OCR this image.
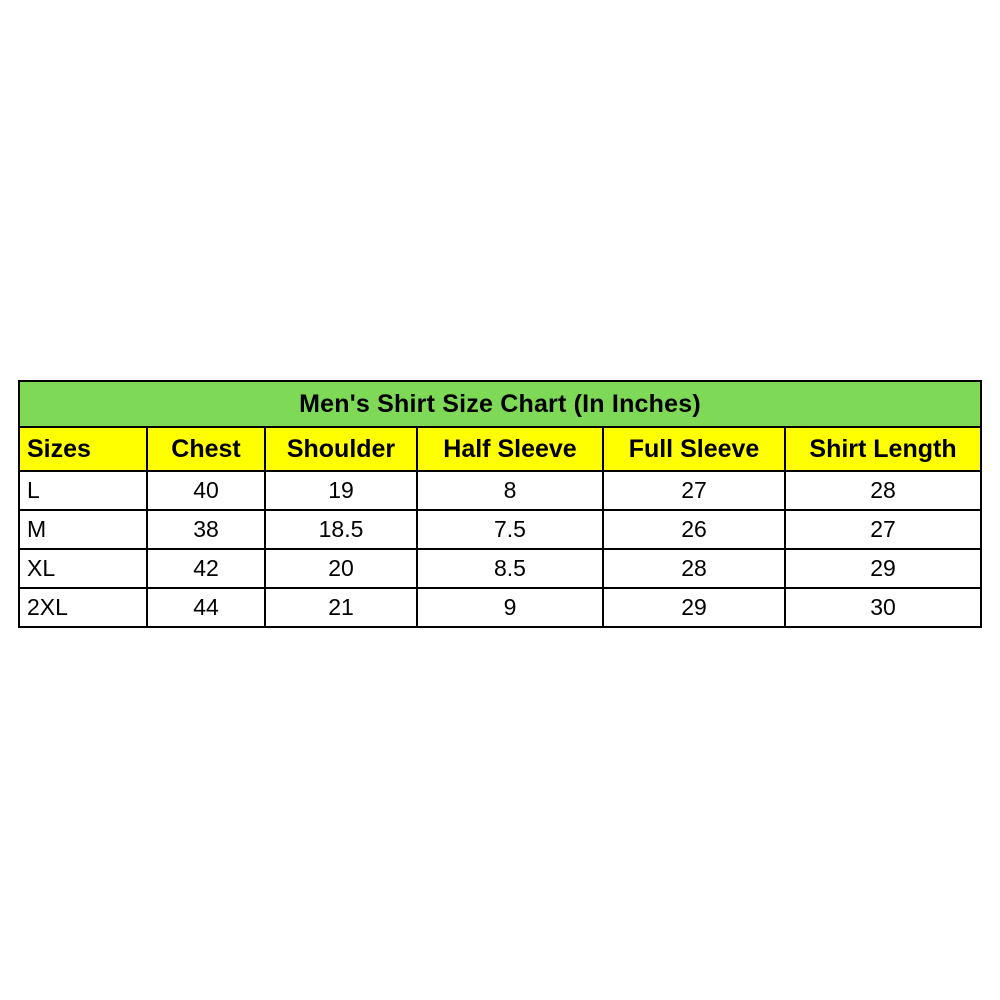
Men's Shirt Size Chart (In Inches)					
Sizes	Chest	Shoulder	Half Sleeve	Full Sleeve	Shirt Length
L	40	19	8	27	28
M	38	18.5	7.5	26	27
XL	42	20	8.5	28	29
2XL	44	21	9	29	30
